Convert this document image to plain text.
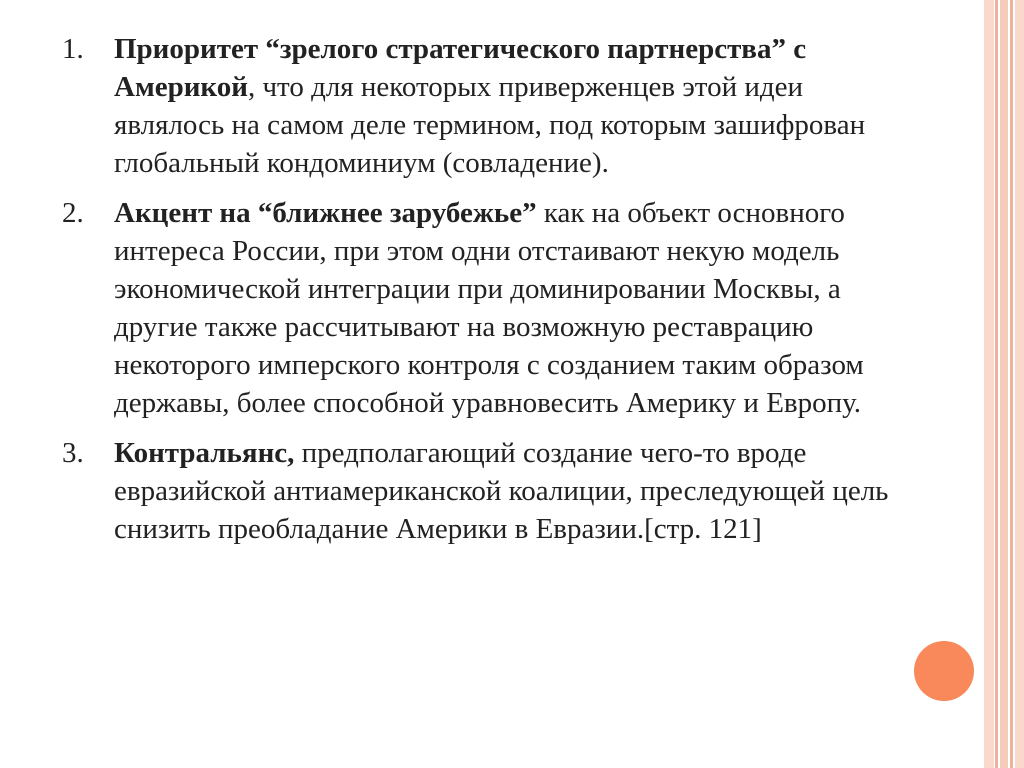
1. Приоритет “зрелого стратегического партнерства” с Америкой, что для некоторых приверженцев этой идеи являлось на самом деле термином, под которым зашифрован глобальный кондоминиум (совладение).
2. Акцент на “ближнее зарубежье” как на объект основного интереса России, при этом одни отстаивают некую модель экономической интеграции при доминировании Москвы, а другие также рассчитывают на возможную реставрацию некоторого имперского контроля с созданием таким образом державы, более способной уравновесить Америку и Европу.
3. Контральянс, предполагающий создание чего-то вроде евразийской антиамериканской коалиции, преследующей цель снизить преобладание Америки в Евразии.[стр. 121]
